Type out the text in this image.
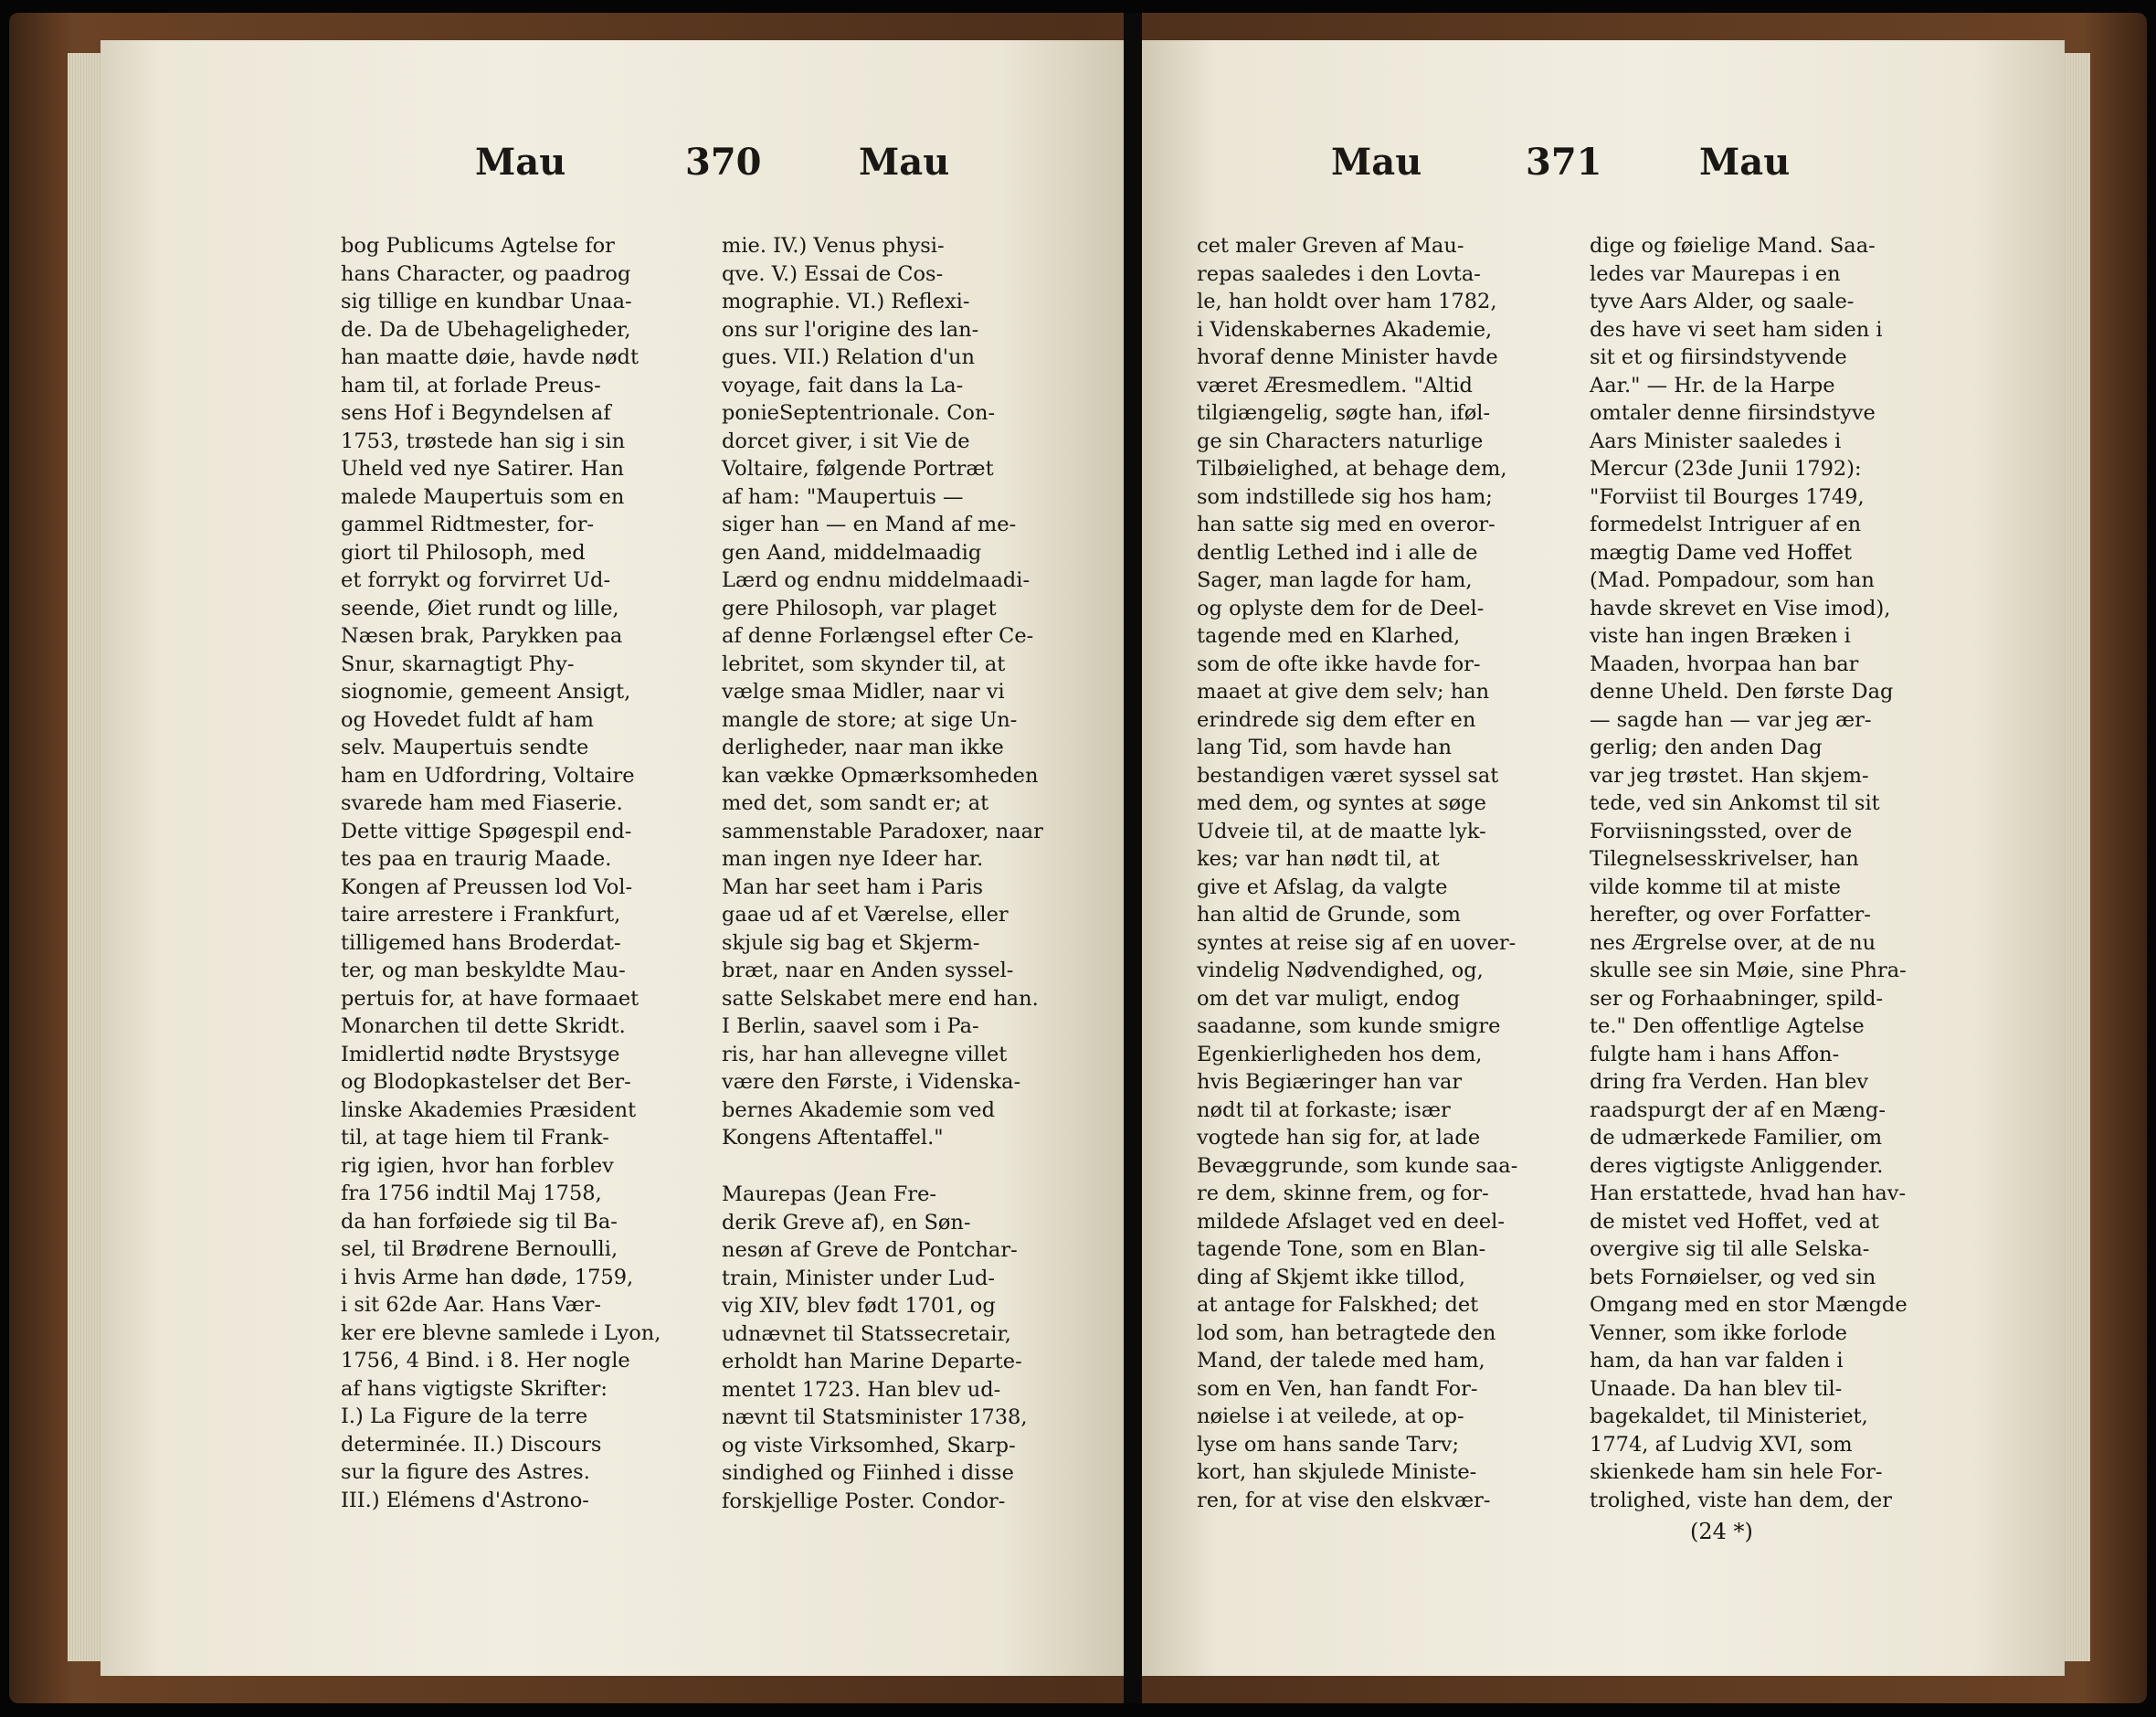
Mau	370	Mau
bog Publicums Agtelse for
hans Character, og paadrog
sig tillige en kundbar Unaa-
de. Da de Ubehageligheder,
han maatte døie, havde nødt
ham til, at forlade Preus-
sens Hof i Begyndelsen af
1753, trøstede han sig i sin
Uheld ved nye Satirer. Han
malede Maupertuis som en
gammel Ridtmester, for-
giort til Philosoph, med
et forrykt og forvirret Ud-
seende, Øiet rundt og lille,
Næsen brak, Parykken paa
Snur, skarnagtigt Phy-
siognomie, gemeent Ansigt,
og Hovedet fuldt af ham
selv. Maupertuis sendte
ham en Udfordring, Voltaire
svarede ham med Fiaserie.
Dette vittige Spøgespil end-
tes paa en traurig Maade.
Kongen af Preussen lod Vol-
taire arrestere i Frankfurt,
tilligemed hans Broderdat-
ter, og man beskyldte Mau-
pertuis for, at have formaaet
Monarchen til dette Skridt.
Imidlertid nødte Brystsyge
og Blodopkastelser det Ber-
linske Akademies Præsident
til, at tage hiem til Frank-
rig igien, hvor han forblev
fra 1756 indtil Maj 1758,
da han forføiede sig til Ba-
sel, til Brødrene Bernoulli,
i hvis Arme han døde, 1759,
i sit 62de Aar. Hans Vær-
ker ere blevne samlede i Lyon,
1756, 4 Bind. i 8. Her nogle
af hans vigtigste Skrifter:
I.) La Figure de la terre
determinée. II.) Discours
sur la figure des Astres.
III.) Elémens d'Astrono-
mie. IV.) Venus physi-
qve. V.) Essai de Cos-
mographie. VI.) Reflexi-
ons sur l'origine des lan-
gues. VII.) Relation d'un
voyage, fait dans la La-
ponieSeptentrionale. Con-
dorcet giver, i sit Vie de
Voltaire, følgende Portræt
af ham: "Maupertuis —
siger han — en Mand af me-
gen Aand, middelmaadig
Lærd og endnu middelmaadi-
gere Philosoph, var plaget
af denne Forlængsel efter Ce-
lebritet, som skynder til, at
vælge smaa Midler, naar vi
mangle de store; at sige Un-
derligheder, naar man ikke
kan vække Opmærksomheden
med det, som sandt er; at
sammenstable Paradoxer, naar
man ingen nye Ideer har.
Man har seet ham i Paris
gaae ud af et Værelse, eller
skjule sig bag et Skjerm-
bræt, naar en Anden syssel-
satte Selskabet mere end han.
I Berlin, saavel som i Pa-
ris, har han allevegne villet
være den Første, i Videnska-
bernes Akademie som ved
Kongens Aftentaffel."
Maurepas (Jean Fre-
derik Greve af), en Søn-
nesøn af Greve de Pontchar-
train, Minister under Lud-
vig XIV, blev født 1701, og
udnævnet til Statssecretair,
erholdt han Marine Departe-
mentet 1723. Han blev ud-
nævnt til Statsminister 1738,
og viste Virksomhed, Skarp-
sindighed og Fiinhed i disse
forskjellige Poster. Condor-
Mau	371	Mau
cet maler Greven af Mau-
repas saaledes i den Lovta-
le, han holdt over ham 1782,
i Videnskabernes Akademie,
hvoraf denne Minister havde
været Æresmedlem. "Altid
tilgiængelig, søgte han, iføl-
ge sin Characters naturlige
Tilbøielighed, at behage dem,
som indstillede sig hos ham;
han satte sig med en overor-
dentlig Lethed ind i alle de
Sager, man lagde for ham,
og oplyste dem for de Deel-
tagende med en Klarhed,
som de ofte ikke havde for-
maaet at give dem selv; han
erindrede sig dem efter en
lang Tid, som havde han
bestandigen været syssel sat
med dem, og syntes at søge
Udveie til, at de maatte lyk-
kes; var han nødt til, at
give et Afslag, da valgte
han altid de Grunde, som
syntes at reise sig af en uover-
vindelig Nødvendighed, og,
om det var muligt, endog
saadanne, som kunde smigre
Egenkierligheden hos dem,
hvis Begiæringer han var
nødt til at forkaste; især
vogtede han sig for, at lade
Bevæggrunde, som kunde saa-
re dem, skinne frem, og for-
mildede Afslaget ved en deel-
tagende Tone, som en Blan-
ding af Skjemt ikke tillod,
at antage for Falskhed; det
lod som, han betragtede den
Mand, der talede med ham,
som en Ven, han fandt For-
nøielse i at veilede, at op-
lyse om hans sande Tarv;
kort, han skjulede Ministe-
ren, for at vise den elskvær-
dige og føielige Mand. Saa-
ledes var Maurepas i en
tyve Aars Alder, og saale-
des have vi seet ham siden i
sit et og fiirsindstyvende
Aar." — Hr. de la Harpe
omtaler denne fiirsindstyve
Aars Minister saaledes i
Mercur (23de Junii 1792):
"Forviist til Bourges 1749,
formedelst Intriguer af en
mægtig Dame ved Hoffet
(Mad. Pompadour, som han
havde skrevet en Vise imod),
viste han ingen Bræken i
Maaden, hvorpaa han bar
denne Uheld. Den første Dag
— sagde han — var jeg ær-
gerlig; den anden Dag
var jeg trøstet. Han skjem-
tede, ved sin Ankomst til sit
Forviisningssted, over de
Tilegnelsesskrivelser, han
vilde komme til at miste
herefter, og over Forfatter-
nes Ærgrelse over, at de nu
skulle see sin Møie, sine Phra-
ser og Forhaabninger, spild-
te." Den offentlige Agtelse
fulgte ham i hans Affon-
dring fra Verden. Han blev
raadspurgt der af en Mæng-
de udmærkede Familier, om
deres vigtigste Anliggender.
Han erstattede, hvad han hav-
de mistet ved Hoffet, ved at
overgive sig til alle Selska-
bets Fornøielser, og ved sin
Omgang med en stor Mængde
Venner, som ikke forlode
ham, da han var falden i
Unaade. Da han blev til-
bagekaldet, til Ministeriet,
1774, af Ludvig XVI, som
skienkede ham sin hele For-
trolighed, viste han dem, der
(24 *)
